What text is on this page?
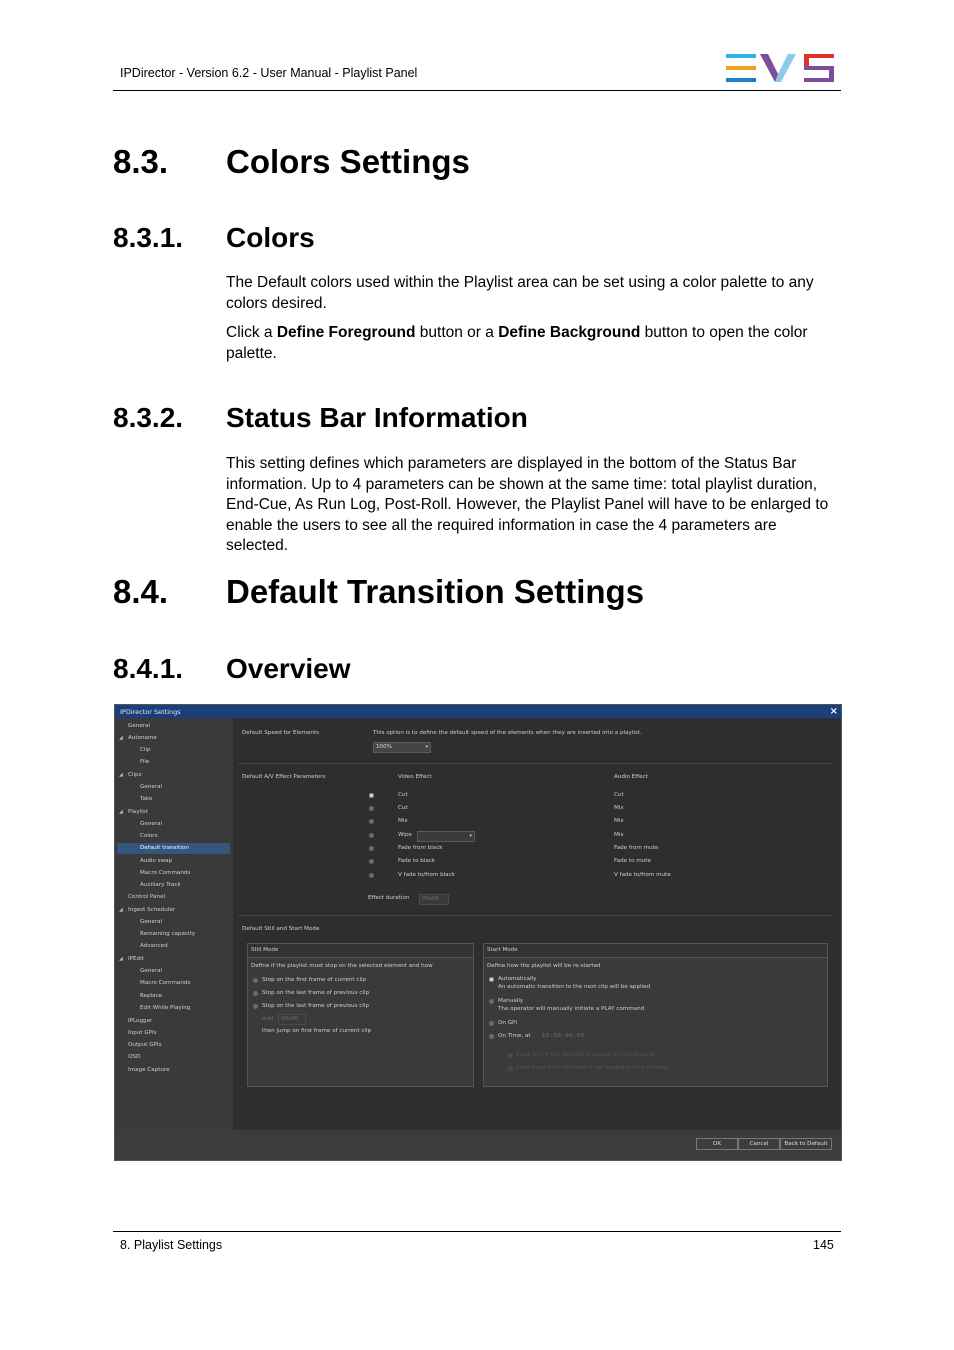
IPDirector - Version 6.2 - User Manual - Playlist Panel
8.3. Colors Settings
8.3.1. Colors

The Default colors used within the Playlist area can be set using a color palette to any colors desired.

Click a Define Foreground button or a Define Background button to open the color palette.

8.3.2. Status Bar Information

This setting defines which parameters are displayed in the bottom of the Status Bar information. Up to 4 parameters can be shown at the same time: total playlist duration, End-Cue, As Run Log, Post-Roll. However, the Playlist Panel will have to be enlarged to enable the users to see all the required information in case the 4 parameters are selected.

8.4. Default Transition Settings
8.4.1. Overview
IPDirector Settings	×
General
◢ Autoname
Clip
File
◢ Clips
General
Take
◢ Playlist
General
Colors
Default transition
Audio swap
Macro Commands
Auxiliary Track
Control Panel
◢ Ingest Scheduler
General
Remaining capacity
Advanced
◢ IPEdit
General
Macro Commands
Replace
Edit While Playing
IPLogger
Input GPIs
Output GPIs
OSD
Image Capture
Default Speed for Elements	This option is to define the default speed of the elements when they are inserted into a playlist.
100%	▾
Default A/V Effect Parameters	Video Effect	Audio Effect
Cut	Cut
Cut	Mix
Mix	Mix
Wipe	▾	Mix
Fade from black	Fade from mute
Fade to black	Fade to mute
V fade to/from black	V fade to/from mute
Effect duration 00s05
Default Still and Start Mode
Still Mode
Define if the playlist must stop on the selected element and how
Stop on the first frame of current clip
Stop on the last frame of previous clip
Stop on the last frame of previous clip
wait 00s00
then jump on first frame of current clip
Start Mode
Define how the playlist will be re-started
Automatically
An automatic transition to the next clip will be applied
Manually
The operator will manually initiate a PLAY command
On GPI
On Time, at 10:00:00:00
Start only if the element is loaded on the channel
Start even if the element is not loaded on the channel
OK	Cancel	Back to Default
8. Playlist Settings	145
